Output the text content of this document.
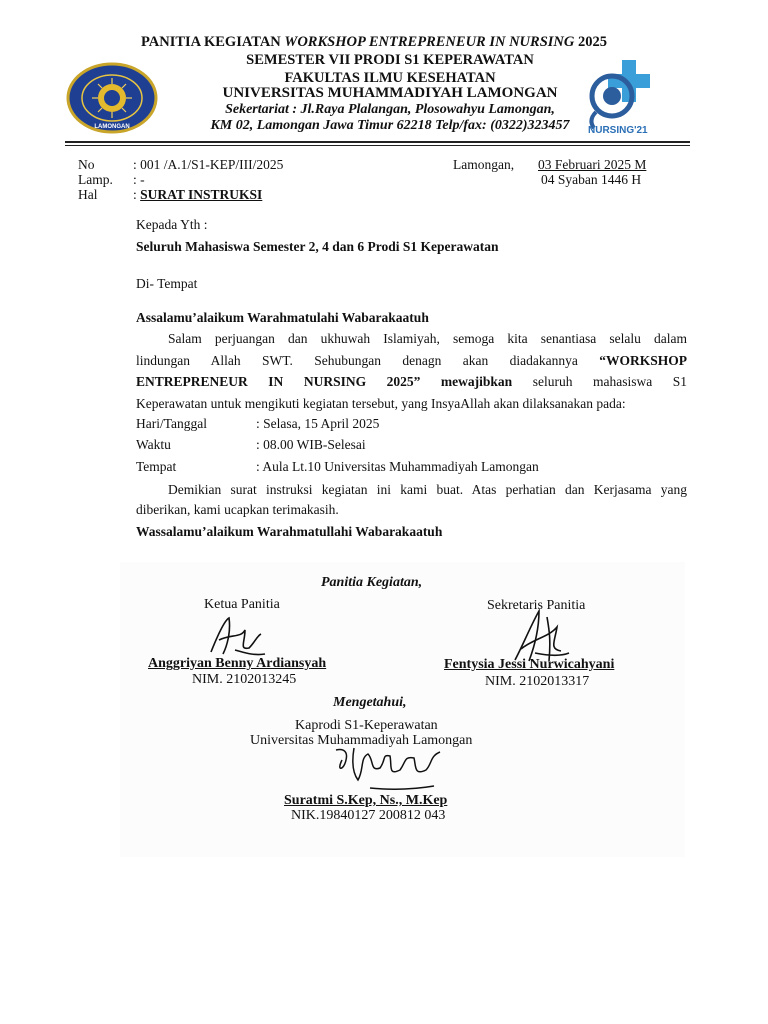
LAMONGAN	NURSING'21
PANITIA KEGIATAN WORKSHOP ENTREPRENEUR IN NURSING 2025
SEMESTER VII PRODI S1 KEPERAWATAN
FAKULTAS ILMU KESEHATAN
UNIVERSITAS MUHAMMADIYAH LAMONGAN
Sekertariat : Jl.Raya Plalangan, Plosowahyu Lamongan,
KM 02, Lamongan Jawa Timur 62218 Telp/fax: (0322)323457
No	: 001 /A.1/S1-KEP/III/2025
Lamp. : -
Hal	: SURAT INSTRUKSI
Lamongan, 03 Februari 2025 M
04 Syaban 1446 H
Kepada Yth :
Seluruh Mahasiswa Semester 2, 4 dan 6 Prodi S1 Keperawatan
Di- Tempat
Assalamu’alaikum Warahmatulahi Wabarakaatuh
Salam perjuangan dan ukhuwah Islamiyah, semoga kita senantiasa selalu dalam
lindungan Allah SWT. Sehubungan denagn akan diadakannya “WORKSHOP
ENTREPRENEUR IN NURSING 2025” mewajibkan seluruh mahasiswa S1
Keperawatan untuk mengikuti kegiatan tersebut, yang InsyaAllah akan dilaksanakan pada:
Hari/Tanggal	: Selasa, 15 April 2025
Waktu	: 08.00 WIB-Selesai
Tempat	: Aula Lt.10 Universitas Muhammadiyah Lamongan
Demikian surat instruksi kegiatan ini kami buat. Atas perhatian dan Kerjasama yang
diberikan, kami ucapkan terimakasih.
Wassalamu’alaikum Warahmatullahi Wabarakaatuh
Panitia Kegiatan,
Ketua Panitia	Sekretaris Panitia
Anggriyan Benny Ardiansyah
NIM. 2102013245
Fentysia Jessi Nurwicahyani
NIM. 2102013317
Mengetahui,
Kaprodi S1-Keperawatan
Universitas Muhammadiyah Lamongan
Suratmi S.Kep, Ns., M.Kep
NIK.19840127 200812 043
